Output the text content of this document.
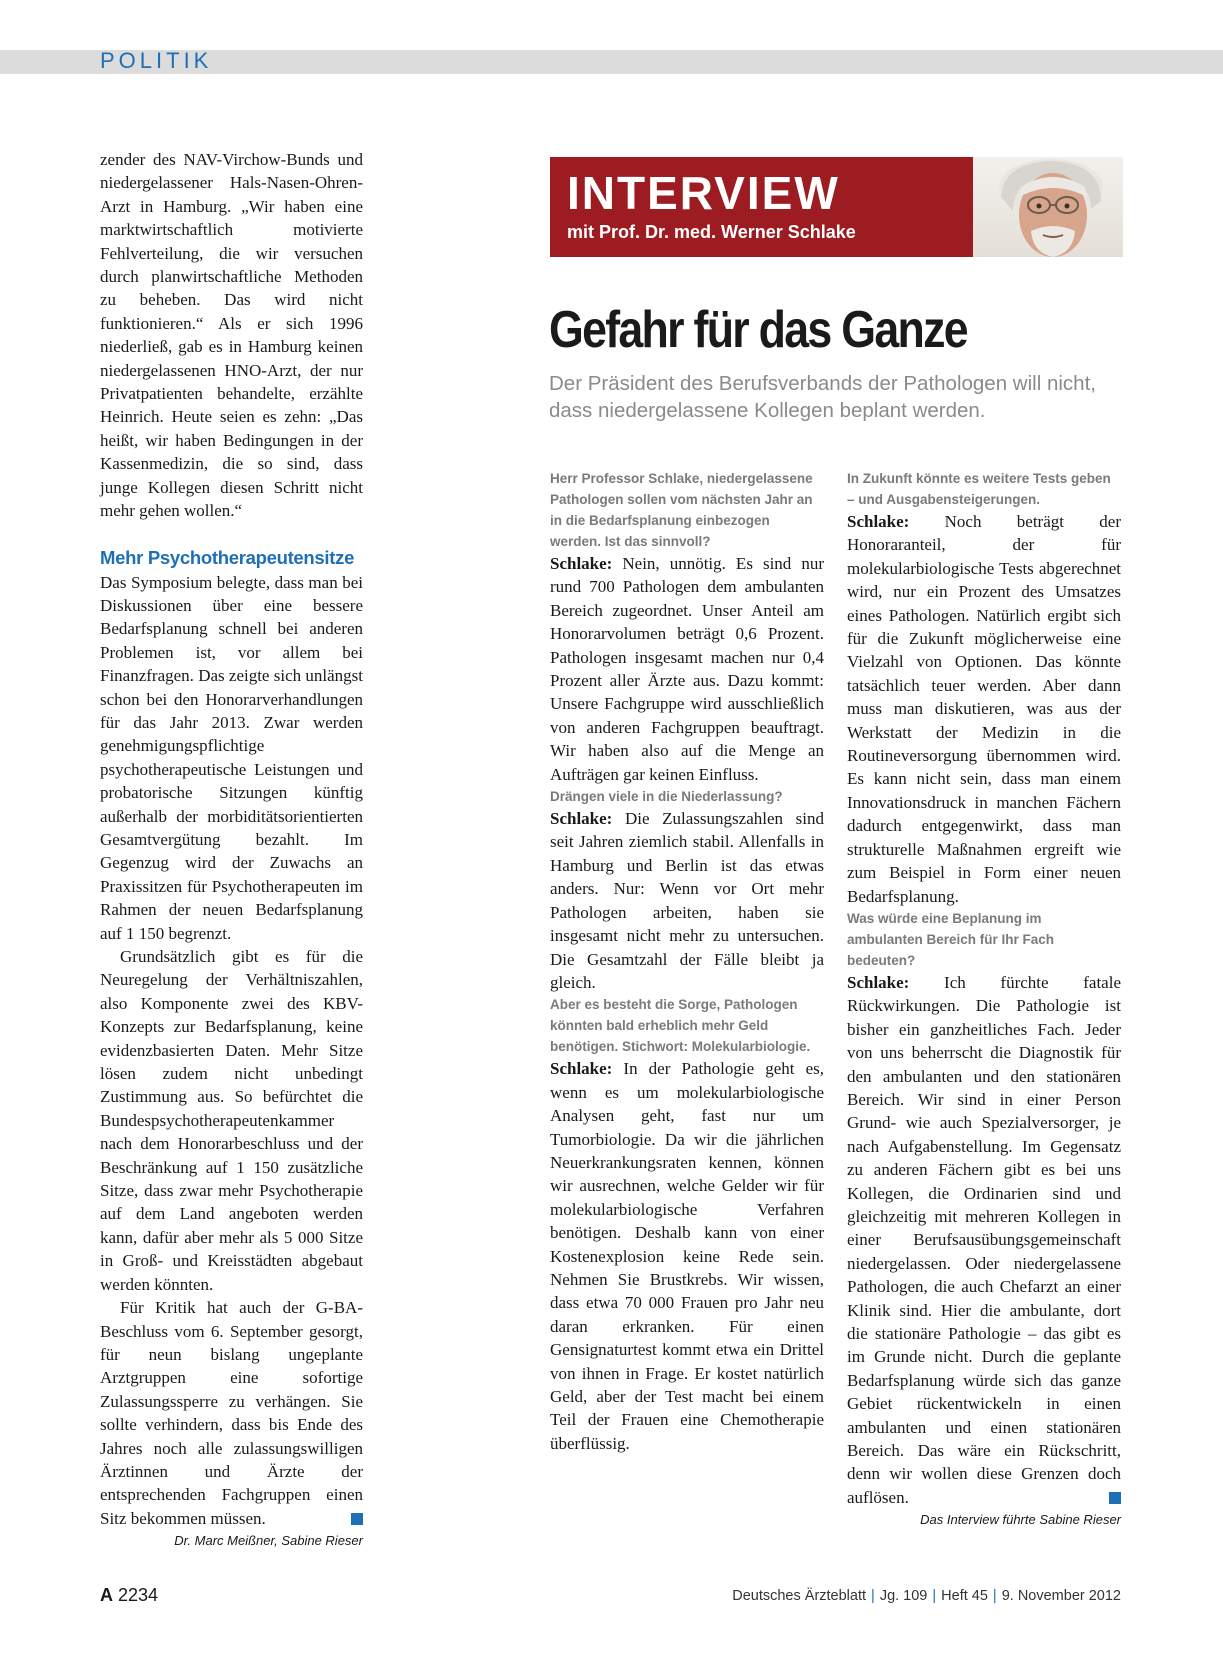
POLITIK

zender des NAV-Virchow-Bunds und niedergelassener Hals-Nasen-Ohren-Arzt in Hamburg. „Wir haben eine marktwirtschaftlich motivierte Fehlverteilung, die wir versuchen durch planwirtschaftliche Methoden zu beheben. Das wird nicht funktionieren.“ Als er sich 1996 niederließ, gab es in Hamburg keinen niedergelassenen HNO-Arzt, der nur Privatpatienten behandelte, erzählte Heinrich. Heute seien es zehn: „Das heißt, wir haben Bedingungen in der Kassenmedizin, die so sind, dass junge Kollegen diesen Schritt nicht mehr gehen wollen.“

Mehr Psychotherapeutensitze

Das Symposium belegte, dass man bei Diskussionen über eine bessere Bedarfsplanung schnell bei anderen Problemen ist, vor allem bei Finanzfragen. Das zeigte sich unlängst schon bei den Honorarverhandlungen für das Jahr 2013. Zwar werden genehmigungspflichtige psychotherapeutische Leistungen und probatorische Sitzungen künftig außerhalb der morbiditätsorientierten Gesamtvergütung bezahlt. Im Gegenzug wird der Zuwachs an Praxissitzen für Psychotherapeuten im Rahmen der neuen Bedarfsplanung auf 1 150 begrenzt.

Grundsätzlich gibt es für die Neuregelung der Verhältniszahlen, also Komponente zwei des KBV-Konzepts zur Bedarfsplanung, keine evidenzbasierten Daten. Mehr Sitze lösen zudem nicht unbedingt Zustimmung aus. So befürchtet die Bundespsychotherapeutenkammer nach dem Honorarbeschluss und der Beschränkung auf 1 150 zusätzliche Sitze, dass zwar mehr Psychotherapie auf dem Land angeboten werden kann, dafür aber mehr als 5 000 Sitze in Groß- und Kreisstädten abgebaut werden könnten.

Für Kritik hat auch der G-BA-Beschluss vom 6. September gesorgt, für neun bislang ungeplante Arztgruppen eine sofortige Zulassungssperre zu verhängen. Sie sollte verhindern, dass bis Ende des Jahres noch alle zulassungswilligen Ärztinnen und Ärzte der entsprechenden Fachgruppen einen Sitz bekommen müssen.

Dr. Marc Meißner, Sabine Rieser
INTERVIEW
mit Prof. Dr. med. Werner Schlake
Gefahr für das Ganze
Der Präsident des Berufsverbands der Pathologen will nicht, dass niedergelassene Kollegen beplant werden.

Herr Professor Schlake, niedergelassene Pathologen sollen vom nächsten Jahr an in die Bedarfsplanung einbezogen werden. Ist das sinnvoll?

Schlake: Nein, unnötig. Es sind nur rund 700 Pathologen dem ambulanten Bereich zugeordnet. Unser Anteil am Honorarvolumen beträgt 0,6 Prozent. Pathologen insgesamt machen nur 0,4 Prozent aller Ärzte aus. Dazu kommt: Unsere Fachgruppe wird ausschließlich von anderen Fachgruppen beauftragt. Wir haben also auf die Menge an Aufträgen gar keinen Einfluss.

Drängen viele in die Niederlassung?

Schlake: Die Zulassungszahlen sind seit Jahren ziemlich stabil. Allenfalls in Hamburg und Berlin ist das etwas anders. Nur: Wenn vor Ort mehr Pathologen arbeiten, haben sie insgesamt nicht mehr zu untersuchen. Die Gesamtzahl der Fälle bleibt ja gleich.

Aber es besteht die Sorge, Pathologen könnten bald erheblich mehr Geld benötigen. Stichwort: Molekularbiologie.

Schlake: In der Pathologie geht es, wenn es um molekularbiologische Analysen geht, fast nur um Tumorbiologie. Da wir die jährlichen Neuerkrankungsraten kennen, können wir ausrechnen, welche Gelder wir für molekularbiologische Verfahren benötigen. Deshalb kann von einer Kostenexplosion keine Rede sein. Nehmen Sie Brustkrebs. Wir wissen, dass etwa 70 000 Frauen pro Jahr neu daran erkranken. Für einen Gensignaturtest kommt etwa ein Drittel von ihnen in Frage. Er kostet natürlich Geld, aber der Test macht bei einem Teil der Frauen eine Chemotherapie überflüssig.

In Zukunft könnte es weitere Tests geben – und Ausgabensteigerungen.

Schlake: Noch beträgt der Honoraranteil, der für molekularbiologische Tests abgerechnet wird, nur ein Prozent des Umsatzes eines Pathologen. Natürlich ergibt sich für die Zukunft möglicherweise eine Vielzahl von Optionen. Das könnte tatsächlich teuer werden. Aber dann muss man diskutieren, was aus der Werkstatt der Medizin in die Routineversorgung übernommen wird. Es kann nicht sein, dass man einem Innovationsdruck in manchen Fächern dadurch entgegenwirkt, dass man strukturelle Maßnahmen ergreift wie zum Beispiel in Form einer neuen Bedarfsplanung.

Was würde eine Beplanung im ambulanten Bereich für Ihr Fach bedeuten?

Schlake: Ich fürchte fatale Rückwirkungen. Die Pathologie ist bisher ein ganzheitliches Fach. Jeder von uns beherrscht die Diagnostik für den ambulanten und den stationären Bereich. Wir sind in einer Person Grund- wie auch Spezialversorger, je nach Aufgabenstellung. Im Gegensatz zu anderen Fächern gibt es bei uns Kollegen, die Ordinarien sind und gleichzeitig mit mehreren Kollegen in einer Berufsausübungsgemeinschaft niedergelassen. Oder niedergelassene Pathologen, die auch Chefarzt an einer Klinik sind. Hier die ambulante, dort die stationäre Pathologie – das gibt es im Grunde nicht. Durch die geplante Bedarfsplanung würde sich das ganze Gebiet rückentwickeln in einen ambulanten und einen stationären Bereich. Das wäre ein Rückschritt, denn wir wollen diese Grenzen doch auflösen.

Das Interview führte Sabine Rieser
A 2234	Deutsches Ärzteblatt | Jg. 109 | Heft 45 | 9. November 2012
